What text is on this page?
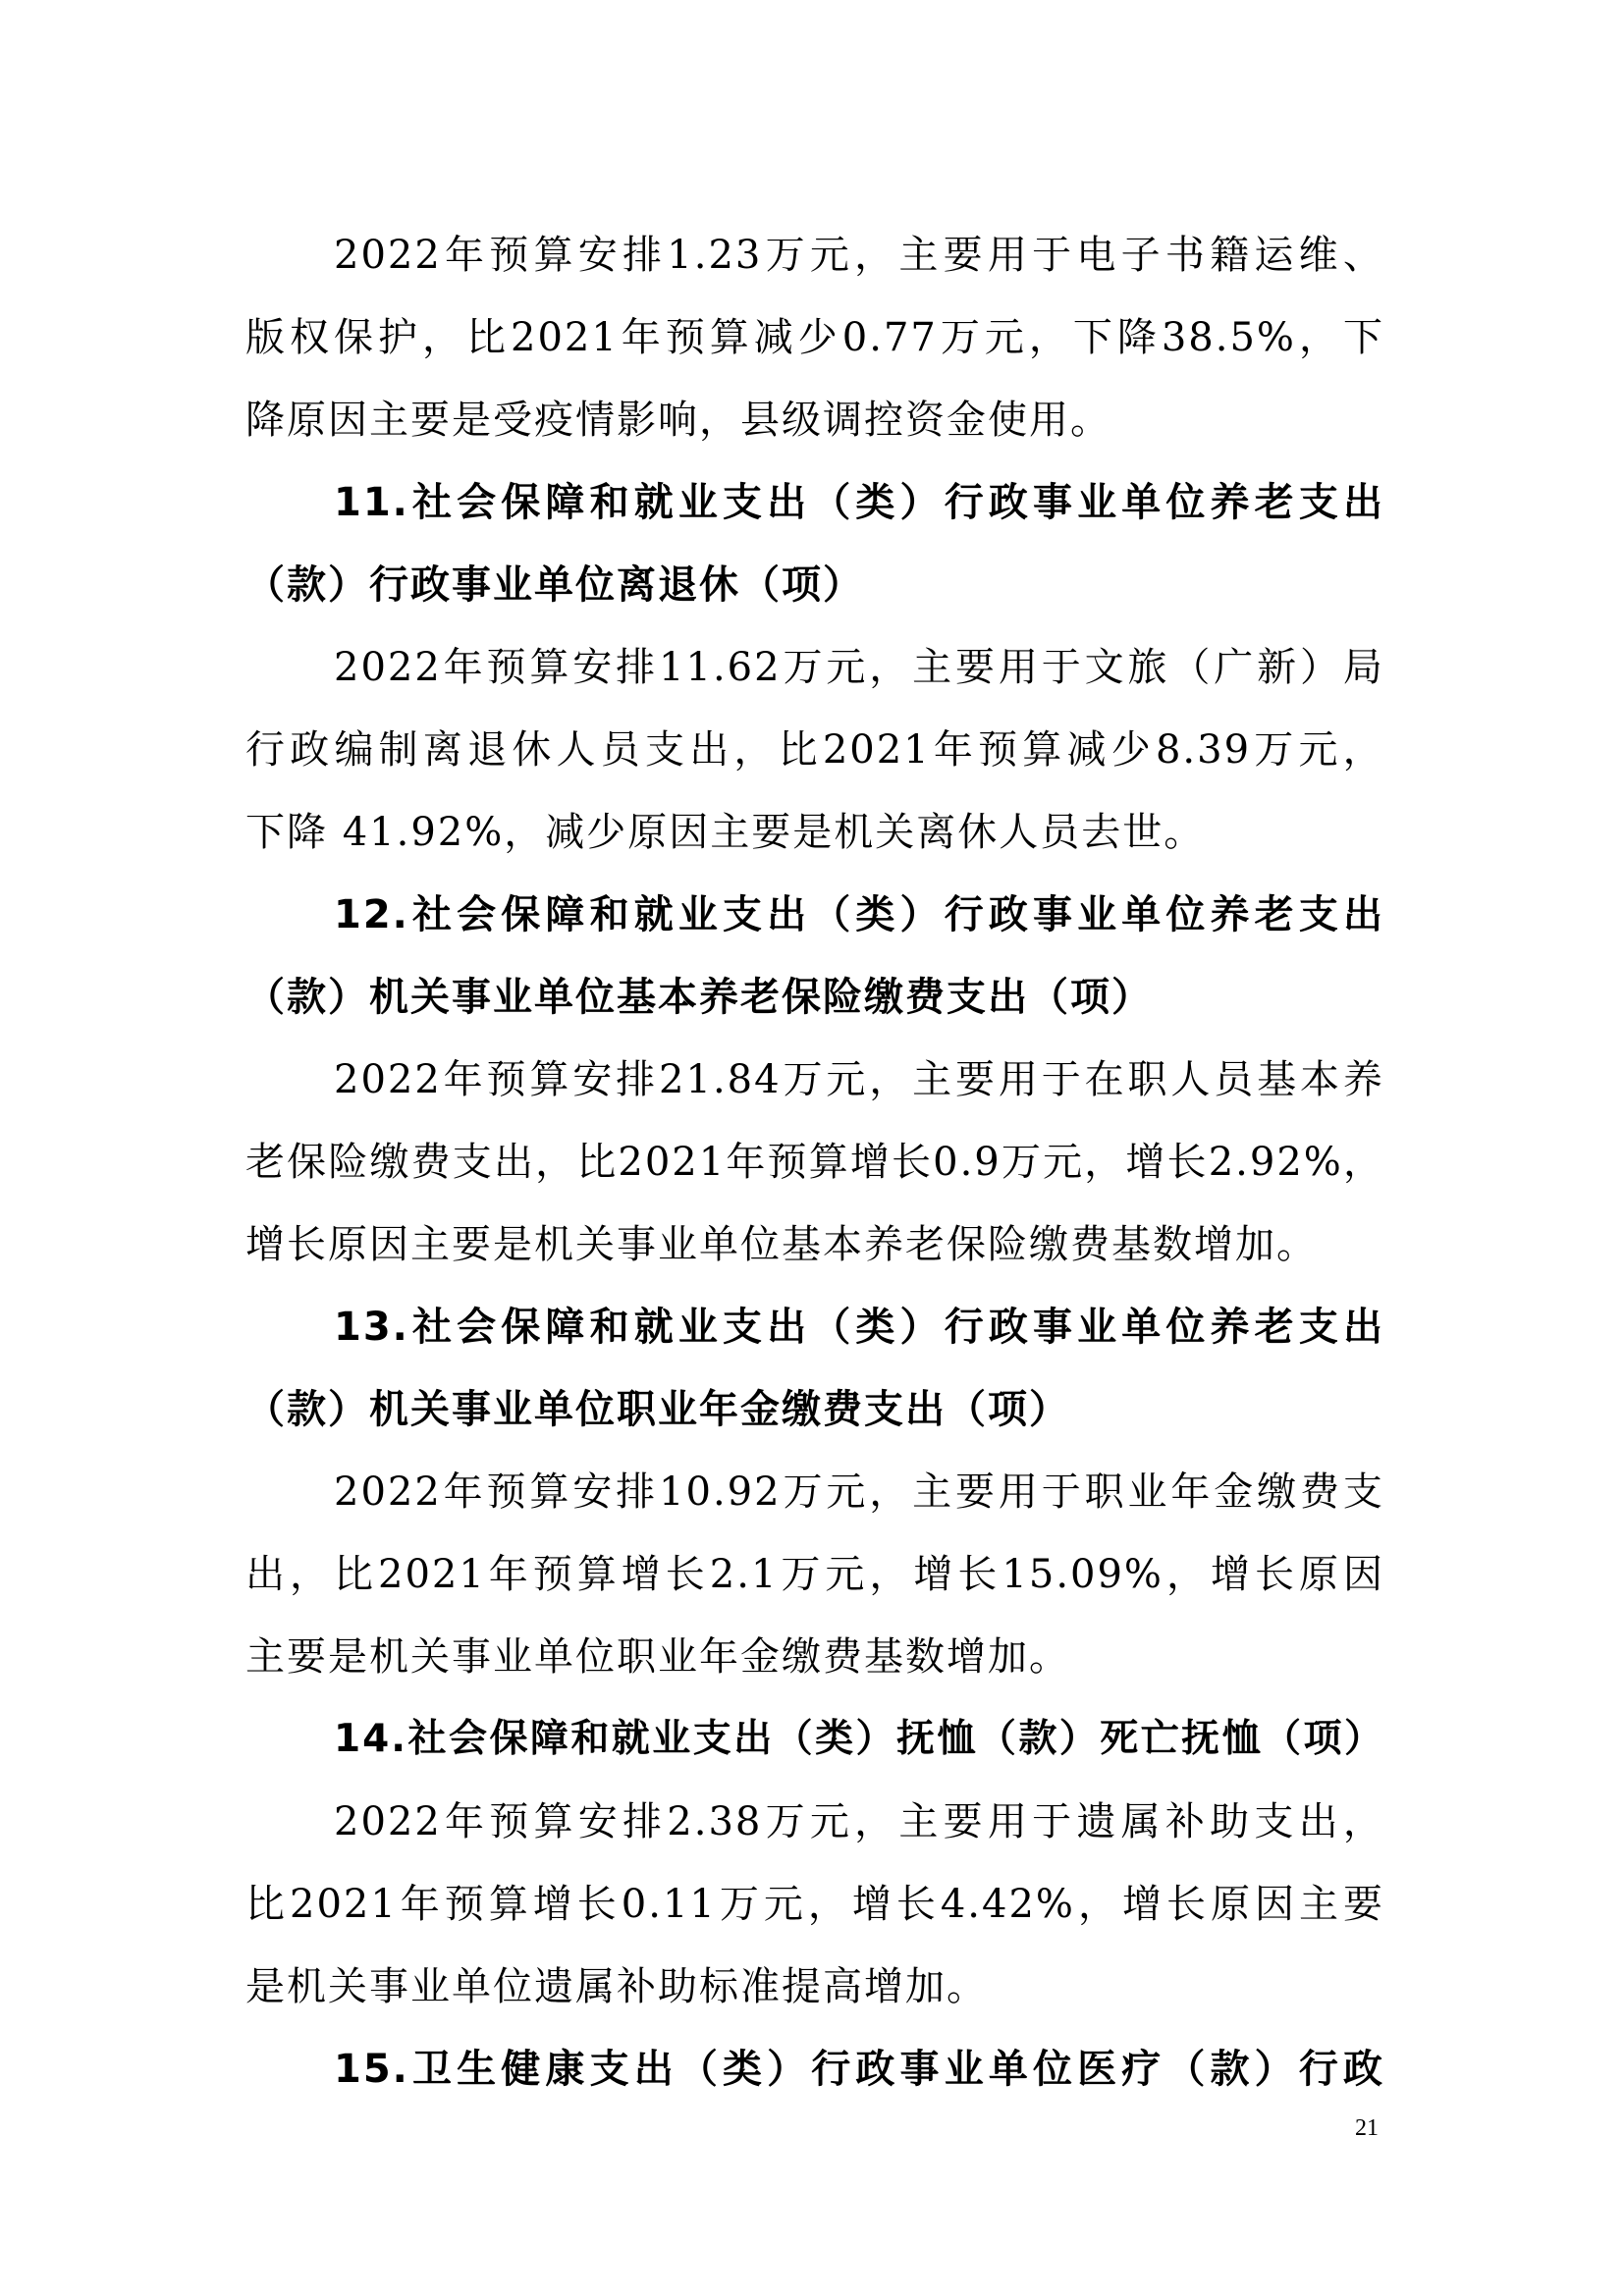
2022 年 预 算 安 排 1.23 万 元 ， 主 要 用 于 电 子 书 籍 运 维 、
版 权 保 护 ， 比 2021 年 预 算 减 少 0.77 万 元 ， 下 降 38.5% ， 下
降原因主要是受疫情影响，县级调控资金使用。
11. 社 会 保 障 和 就 业 支 出 （ 类 ） 行 政 事 业 单 位 养 老 支 出
（款）行政事业单位离退休（项）
2022 年 预 算 安 排 11.62 万 元 ， 主 要 用 于 文 旅 （ 广 新 ） 局
行 政 编 制 离 退 休 人 员 支 出 ， 比 2021 年 预 算 减 少 8.39 万 元 ，
下降 41.92%，减少原因主要是机关离休人员去世。
12. 社 会 保 障 和 就 业 支 出 （ 类 ） 行 政 事 业 单 位 养 老 支 出
（款）机关事业单位基本养老保险缴费支出（项）
2022 年 预 算 安 排 21.84 万 元 ， 主 要 用 于 在 职 人 员 基 本 养
老 保 险 缴 费 支 出 ， 比 2021 年 预 算 增 长 0.9 万 元 ， 增 长 2.92% ，
增长原因主要是机关事业单位基本养老保险缴费基数增加。
13. 社 会 保 障 和 就 业 支 出 （ 类 ） 行 政 事 业 单 位 养 老 支 出
（款）机关事业单位职业年金缴费支出（项）
2022 年 预 算 安 排 10.92 万 元 ， 主 要 用 于 职 业 年 金 缴 费 支
出 ， 比 2021 年 预 算 增 长 2.1 万 元 ， 增 长 15.09% ， 增 长 原 因
主要是机关事业单位职业年金缴费基数增加。
14. 社 会 保 障 和 就 业 支 出 （ 类 ） 抚 恤 （ 款 ） 死 亡 抚 恤 （ 项 ）
2022 年 预 算 安 排 2.38 万 元 ， 主 要 用 于 遗 属 补 助 支 出 ，
比 2021 年 预 算 增 长 0.11 万 元 ， 增 长 4.42% ， 增 长 原 因 主 要
是机关事业单位遗属补助标准提高增加。
15. 卫 生 健 康 支 出 （ 类 ） 行 政 事 业 单 位 医 疗 （ 款 ） 行 政
21
